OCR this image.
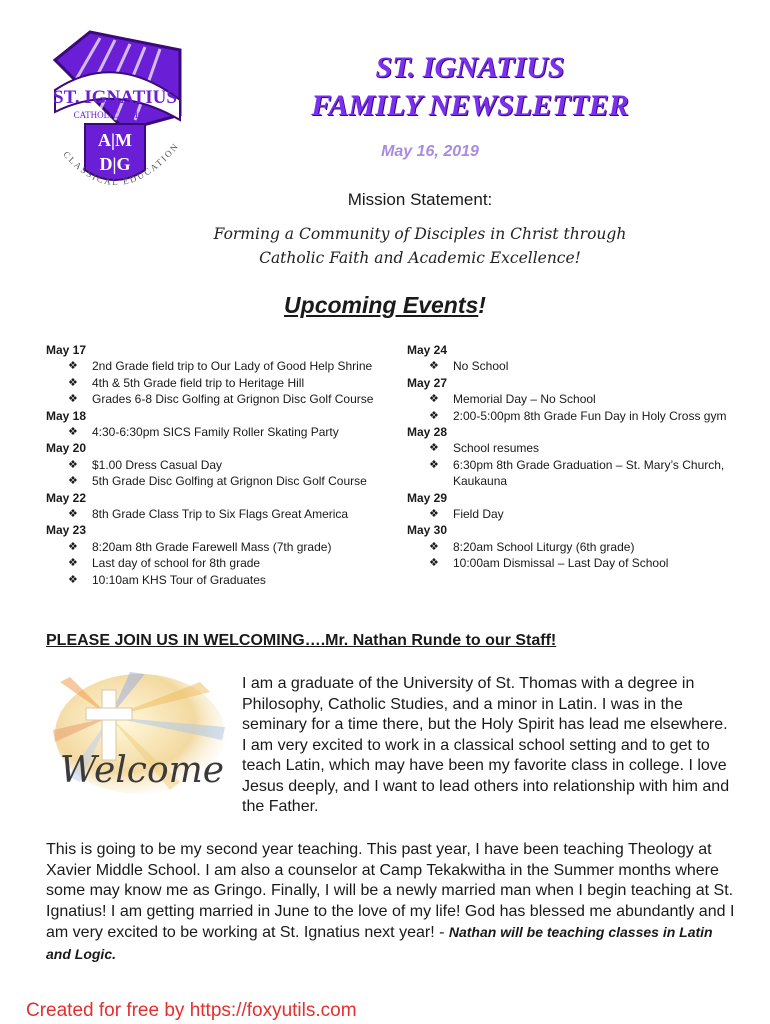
ST. IGNATIUS
CATHOLIC SCHOOL
A|M
D|G
CLASSICAL EDUCATION
ST. IGNATIUS
FAMILY NEWSLETTER
May 16, 2019
Mission Statement:
Forming a Community of Disciples in Christ through
Catholic Faith and Academic Excellence!
Upcoming Events!
May 17
❖	2nd Grade field trip to Our Lady of Good Help Shrine
❖	4th & 5th Grade field trip to Heritage Hill
❖	Grades 6-8 Disc Golfing at Grignon Disc Golf Course
May 18
❖	4:30-6:30pm SICS Family Roller Skating Party
May 20
❖	$1.00 Dress Casual Day
❖	5th Grade Disc Golfing at Grignon Disc Golf Course
May 22
❖	8th Grade Class Trip to Six Flags Great America
May 23
❖	8:20am 8th Grade Farewell Mass (7th grade)
❖	Last day of school for 8th grade
❖	10:10am KHS Tour of Graduates
May 24
❖	No School
May 27
❖	Memorial Day – No School
❖	2:00-5:00pm 8th Grade Fun Day in Holy Cross gym
May 28
❖	School resumes
❖	6:30pm 8th Grade Graduation – St. Mary’s Church, Kaukauna
May 29
❖	Field Day
May 30
❖	8:20am School Liturgy (6th grade)
❖	10:00am Dismissal – Last Day of School
PLEASE JOIN US IN WELCOMING….Mr. Nathan Runde to our Staff!
Welcome
I am a graduate of the University of St. Thomas with a degree in Philosophy, Catholic Studies, and a minor in Latin. I was in the seminary for a time there, but the Holy Spirit has lead me elsewhere. I am very excited to work in a classical school setting and to get to teach Latin, which may have been my favorite class in college. I love Jesus deeply, and I want to lead others into relationship with him and the Father.
This is going to be my second year teaching. This past year, I have been teaching Theology at Xavier Middle School. I am also a counselor at Camp Tekakwitha in the Summer months where some may know me as Gringo. Finally, I will be a newly married man when I begin teaching at St. Ignatius! I am getting married in June to the love of my life! God has blessed me abundantly and I am very excited to be working at St. Ignatius next year! - Nathan will be teaching classes in Latin and Logic.
Created for free by https://foxyutils.com
